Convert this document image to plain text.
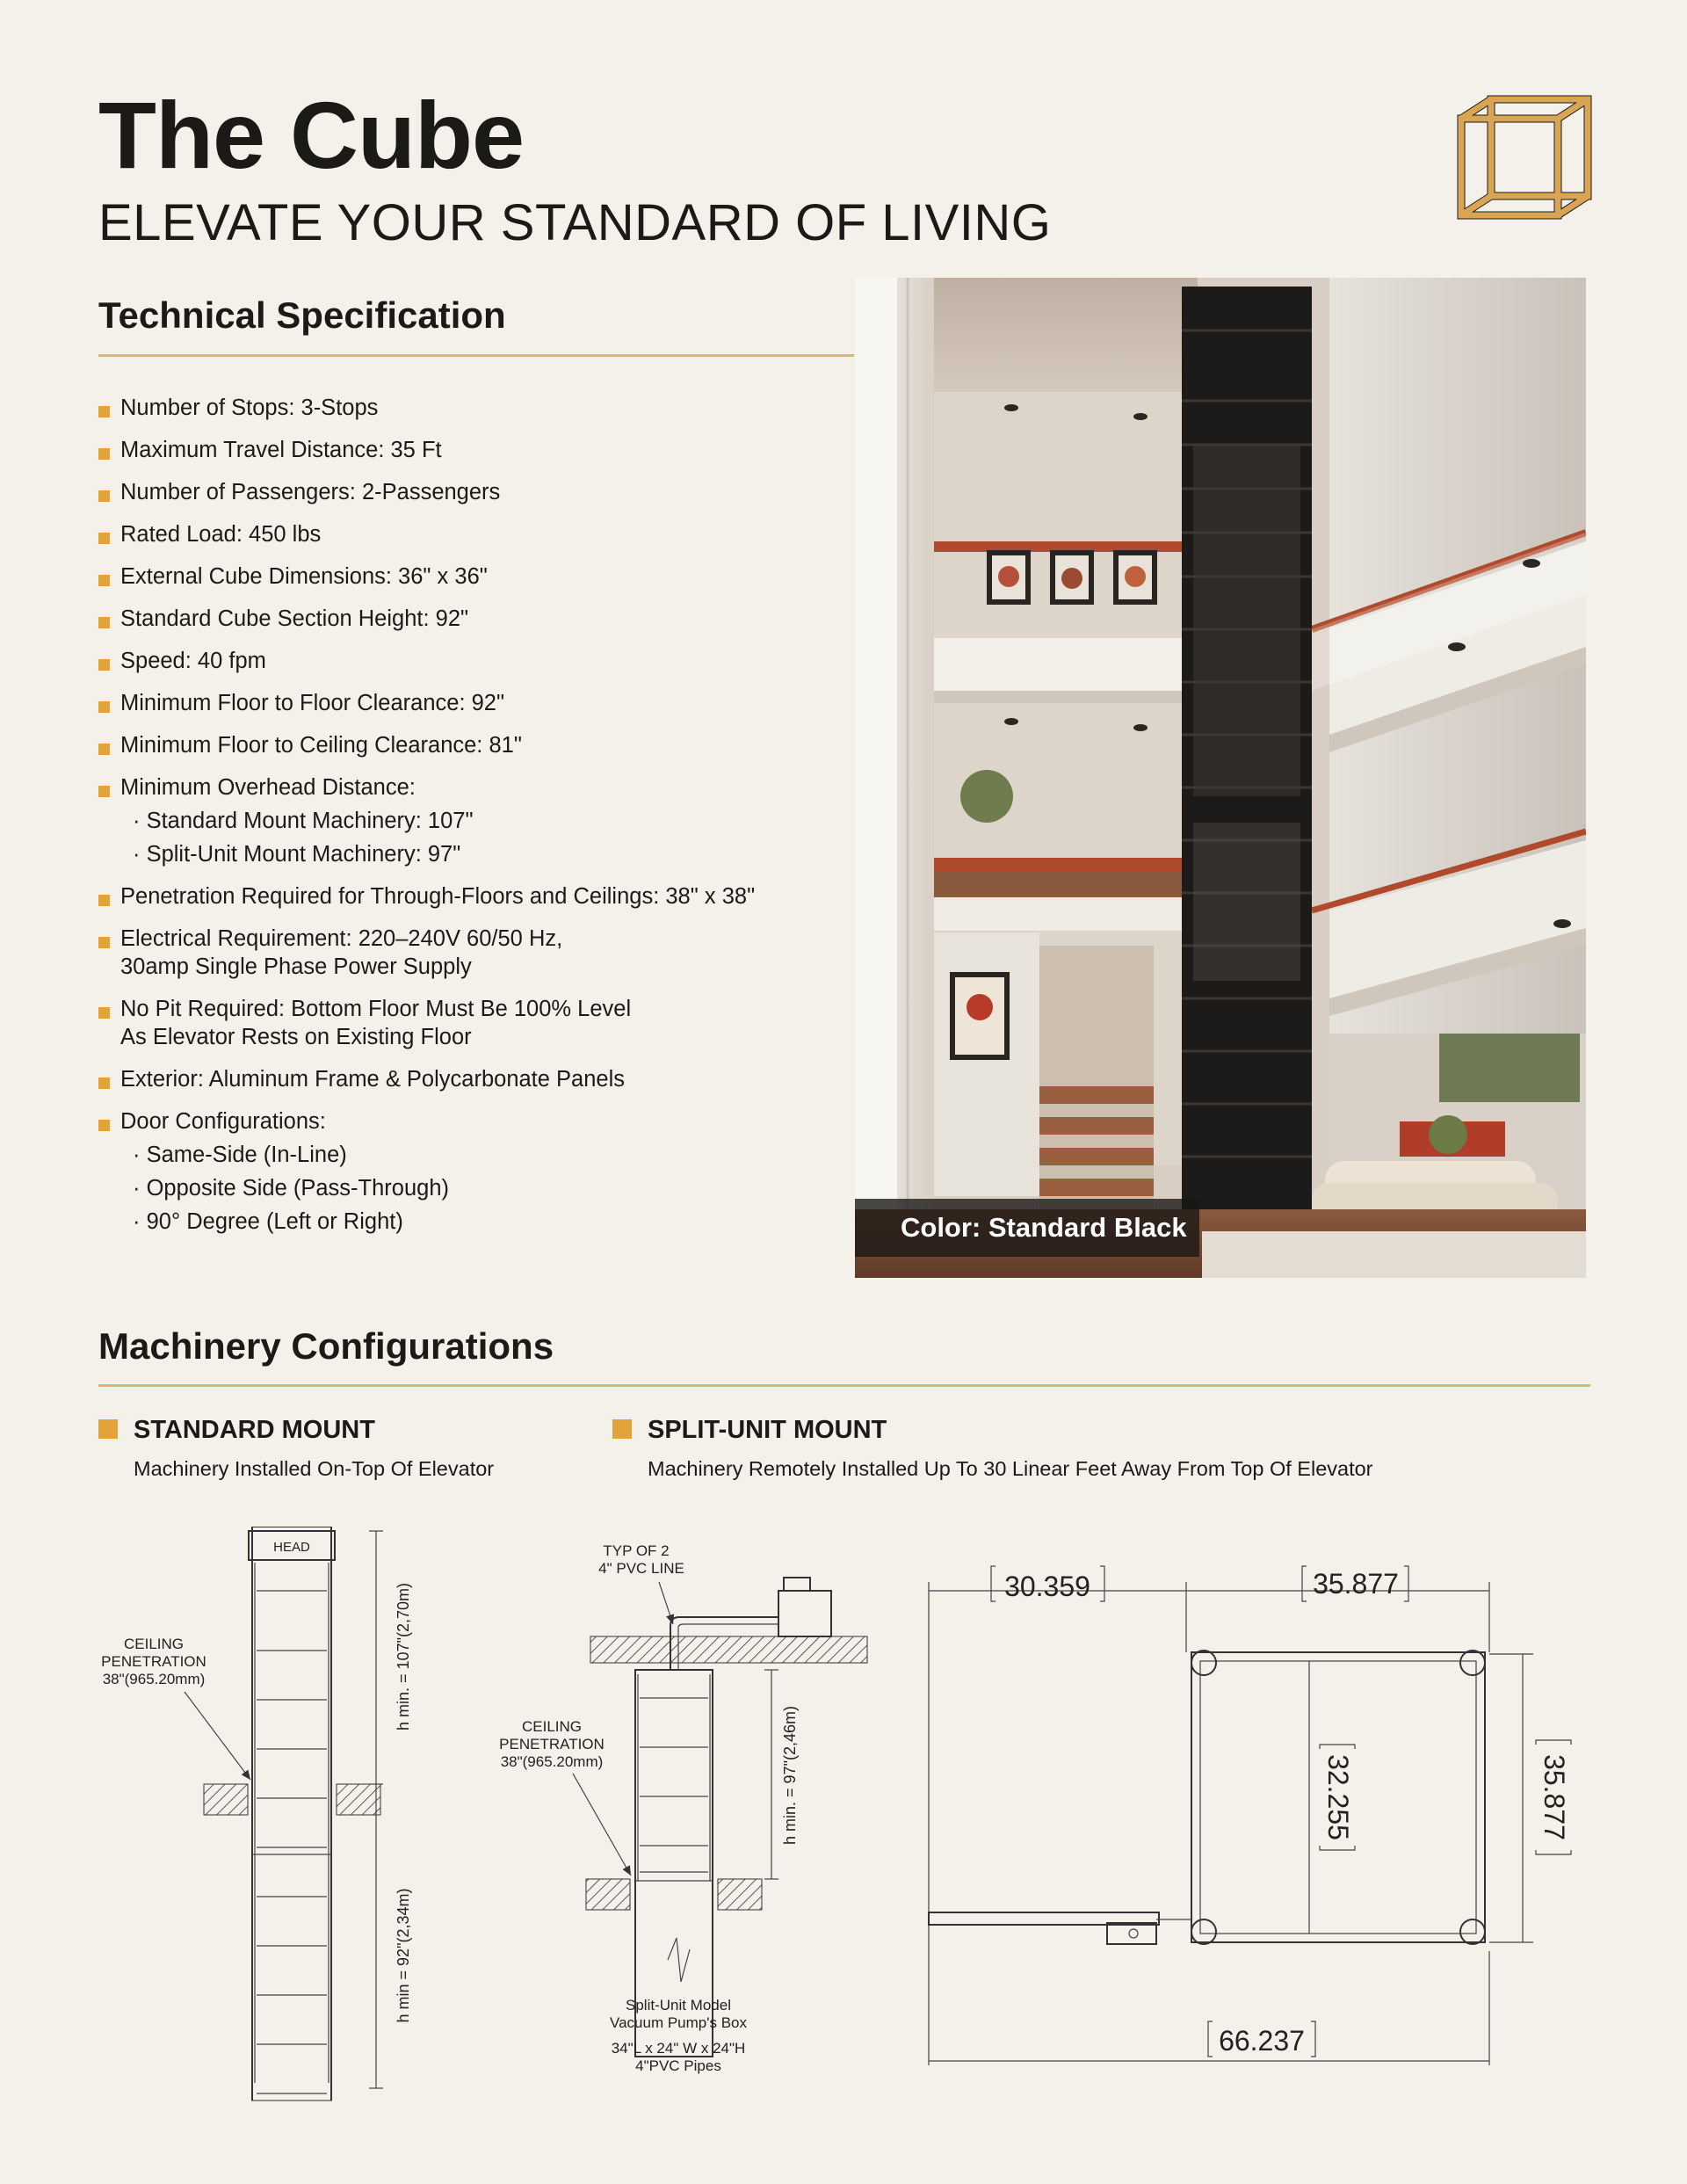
The Cube
ELEVATE YOUR STANDARD OF LIVING
Technical Specification
Number of Stops: 3-Stops
Maximum Travel Distance: 35 Ft
Number of Passengers: 2-Passengers
Rated Load: 450 lbs
External Cube Dimensions: 36" x 36"
Standard Cube Section Height: 92"
Speed: 40 fpm
Minimum Floor to Floor Clearance: 92"
Minimum Floor to Ceiling Clearance: 81"
Minimum Overhead Distance:
· Standard Mount Machinery: 107"
· Split-Unit Mount Machinery: 97"
Penetration Required for Through-Floors and Ceilings: 38" x 38"
Electrical Requirement: 220–240V 60/50 Hz,
30amp Single Phase Power Supply
No Pit Required: Bottom Floor Must Be 100% Level
As Elevator Rests on Existing Floor
Exterior: Aluminum Frame & Polycarbonate Panels
Door Configurations:
· Same-Side (In-Line)
· Opposite Side (Pass-Through)
· 90° Degree (Left or Right)	Color: Standard Black
Machinery Configurations
STANDARD MOUNT
Machinery Installed On-Top Of Elevator
SPLIT-UNIT MOUNT
Machinery Remotely Installed Up To 30 Linear Feet Away From Top Of Elevator
HEAD
h min. = 107"(2,70m)
h min = 92"(2,34m)
CEILING
PENETRATION
38"(965.20mm)
TYP OF 2
4" PVC LINE
h min. = 97"(2,46m)
CEILING
PENETRATION
38"(965.20mm)
Split-Unit Model
Vacuum Pump's Box
34"L x 24" W x 24"H
4"PVC Pipes
30.359	35.877
32.255	35.877
66.237
